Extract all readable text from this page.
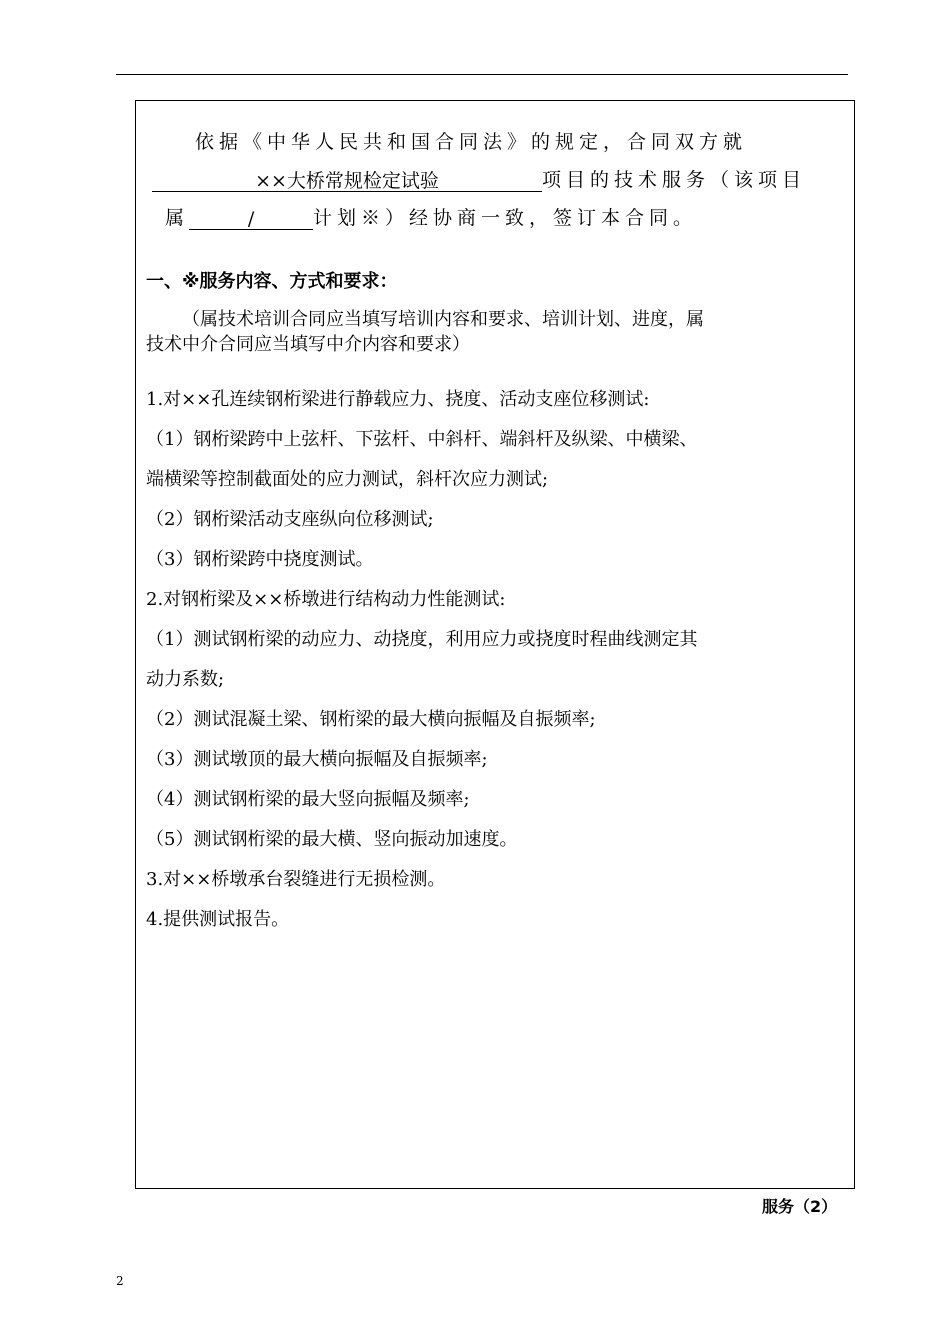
依据《中华人民共和国合同法》的规定，合同双方就
××大桥常规检定试验	项目的技术服务（该项目
属	/	计划※）经协商一致，签订本合同。
一、※服务内容、方式和要求：
（属技术培训合同应当填写培训内容和要求、培训计划、进度，属
技术中介合同应当填写中介内容和要求）
1.对××孔连续钢桁梁进行静载应力、挠度、活动支座位移测试:
（1）钢桁梁跨中上弦杆、下弦杆、中斜杆、端斜杆及纵梁、中横梁、
端横梁等控制截面处的应力测试，斜杆次应力测试;
（2）钢桁梁活动支座纵向位移测试;
（3）钢桁梁跨中挠度测试。
2.对钢桁梁及××桥墩进行结构动力性能测试:
（1）测试钢桁梁的动应力、动挠度，利用应力或挠度时程曲线测定其
动力系数;
（2）测试混凝土梁、钢桁梁的最大横向振幅及自振频率;
（3）测试墩顶的最大横向振幅及自振频率;
（4）测试钢桁梁的最大竖向振幅及频率;
（5）测试钢桁梁的最大横、竖向振动加速度。
3.对××桥墩承台裂缝进行无损检测。
4.提供测试报告。
服务（2）
2
